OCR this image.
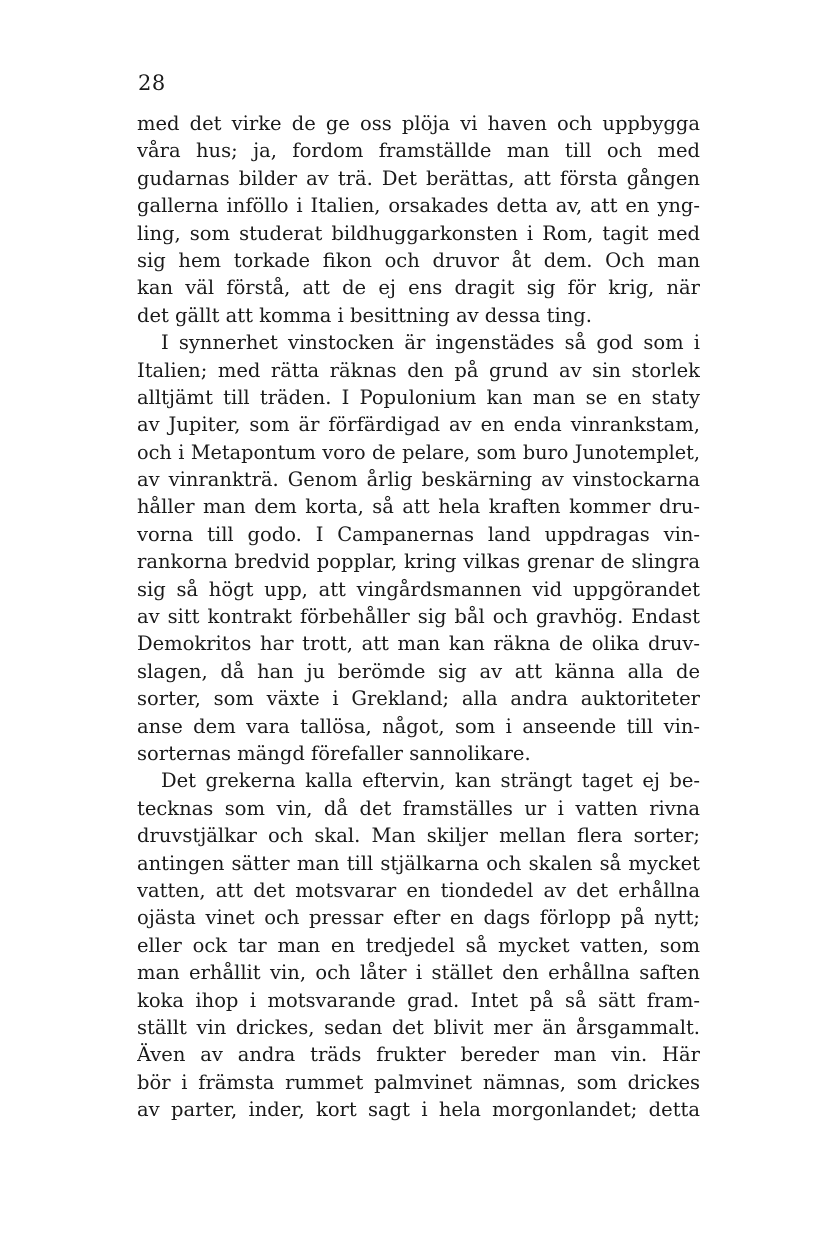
28
med det virke de ge oss plöja vi haven och uppbygga
våra hus; ja, fordom framställde man till och med
gudarnas bilder av trä. Det berättas, att första gången
gallerna inföllo i Italien, orsakades detta av, att en yng-
ling, som studerat bildhuggarkonsten i Rom, tagit med
sig hem torkade fikon och druvor åt dem. Och man
kan väl förstå, att de ej ens dragit sig för krig, när
det gällt att komma i besittning av dessa ting.
I synnerhet vinstocken är ingenstädes så god som i
Italien; med rätta räknas den på grund av sin storlek
alltjämt till träden. I Populonium kan man se en staty
av Jupiter, som är förfärdigad av en enda vinrankstam,
och i Metapontum voro de pelare, som buro Junotemplet,
av vinrankträ. Genom årlig beskärning av vinstockarna
håller man dem korta, så att hela kraften kommer dru-
vorna till godo. I Campanernas land uppdragas vin-
rankorna bredvid popplar, kring vilkas grenar de slingra
sig så högt upp, att vingårdsmannen vid uppgörandet
av sitt kontrakt förbehåller sig bål och gravhög. Endast
Demokritos har trott, att man kan räkna de olika druv-
slagen, då han ju berömde sig av att känna alla de
sorter, som växte i Grekland; alla andra auktoriteter
anse dem vara tallösa, något, som i anseende till vin-
sorternas mängd förefaller sannolikare.
Det grekerna kalla eftervin, kan strängt taget ej be-
tecknas som vin, då det framställes ur i vatten rivna
druvstjälkar och skal. Man skiljer mellan flera sorter;
antingen sätter man till stjälkarna och skalen så mycket
vatten, att det motsvarar en tiondedel av det erhållna
ojästa vinet och pressar efter en dags förlopp på nytt;
eller ock tar man en tredjedel så mycket vatten, som
man erhållit vin, och låter i stället den erhållna saften
koka ihop i motsvarande grad. Intet på så sätt fram-
ställt vin drickes, sedan det blivit mer än årsgammalt.
Även av andra träds frukter bereder man vin. Här
bör i främsta rummet palmvinet nämnas, som drickes
av parter, inder, kort sagt i hela morgonlandet; detta
